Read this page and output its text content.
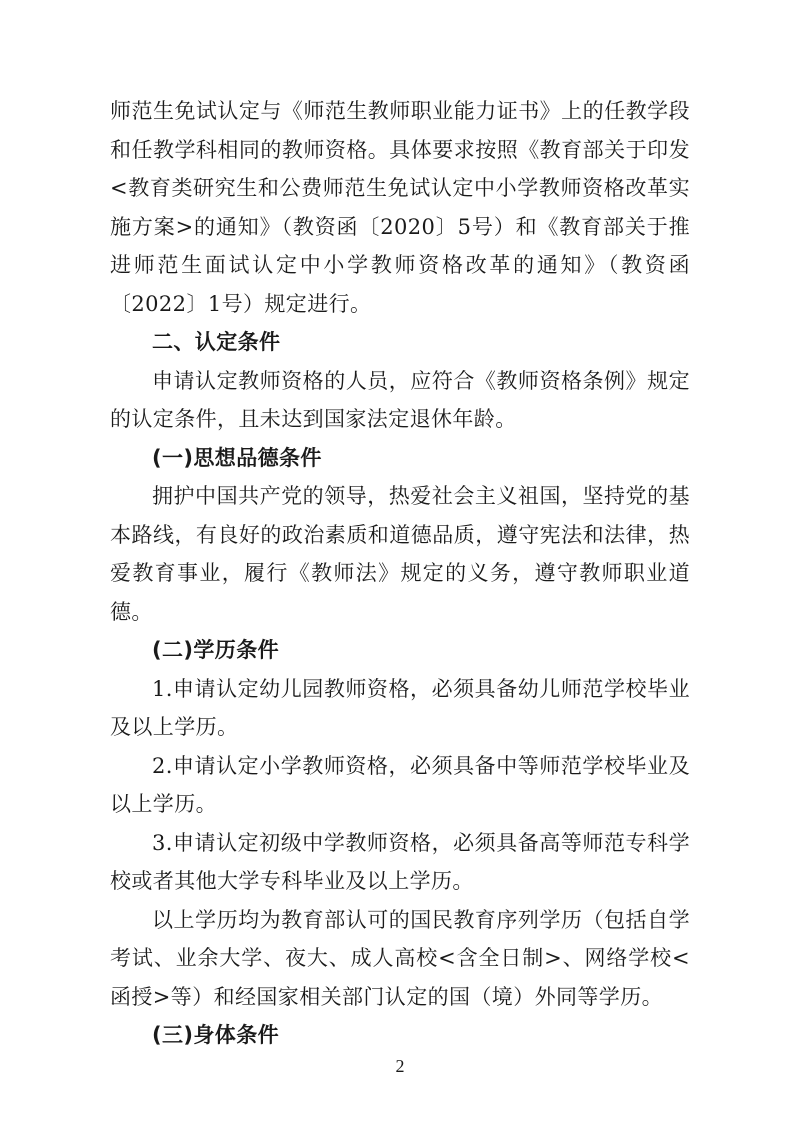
师范生免试认定与《师范生教师职业能力证书》上的任教学段和任教学科相同的教师资格。具体要求按照《教育部关于印发<教育类研究生和公费师范生免试认定中小学教师资格改革实施方案>的通知》（教资函〔2020〕5号）和《教育部关于推进师范生面试认定中小学教师资格改革的通知》（教资函〔2022〕1号）规定进行。

二、认定条件

申请认定教师资格的人员，应符合《教师资格条例》规定的认定条件，且未达到国家法定退休年龄。

(一)思想品德条件

拥护中国共产党的领导，热爱社会主义祖国，坚持党的基本路线，有良好的政治素质和道德品质，遵守宪法和法律，热爱教育事业，履行《教师法》规定的义务，遵守教师职业道德。

(二)学历条件

1.申请认定幼儿园教师资格，必须具备幼儿师范学校毕业及以上学历。

2.申请认定小学教师资格，必须具备中等师范学校毕业及以上学历。

3.申请认定初级中学教师资格，必须具备高等师范专科学校或者其他大学专科毕业及以上学历。

以上学历均为教育部认可的国民教育序列学历（包括自学考试、业余大学、夜大、成人高校<含全日制>、网络学校<函授>等）和经国家相关部门认定的国（境）外同等学历。

(三)身体条件

2
